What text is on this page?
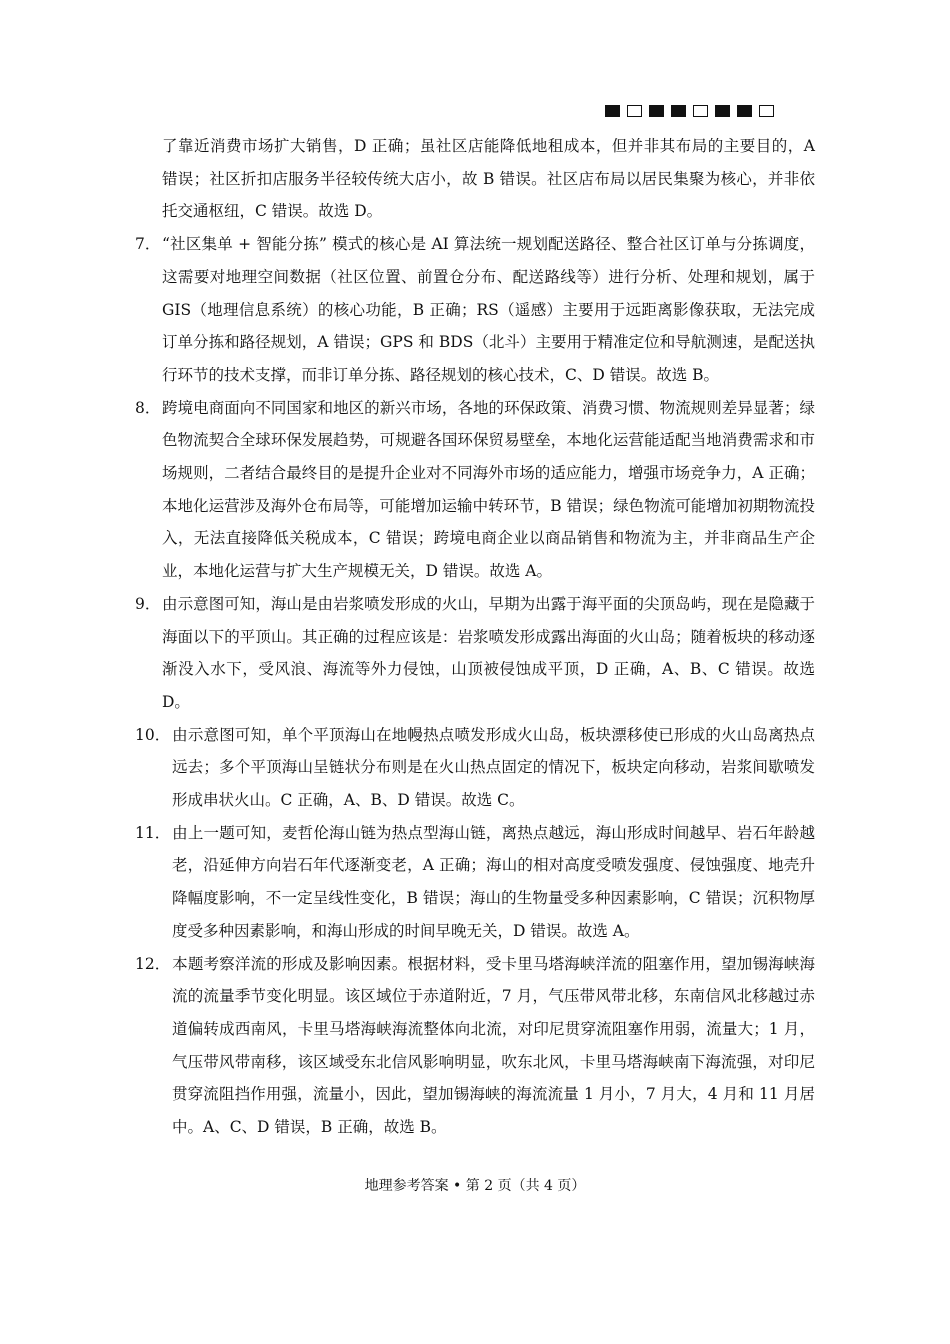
了靠近消费市场扩大销售，D 正确；虽社区店能降低地租成本，但并非其布局的主要目的，A 错误；社区折扣店服务半径较传统大店小，故 B 错误。社区店布局以居民集聚为核心，并非依托交通枢纽，C 错误。故选 D。

7． “社区集单 + 智能分拣” 模式的核心是 AI 算法统一规划配送路径、整合社区订单与分拣调度，这需要对地理空间数据（社区位置、前置仓分布、配送路线等）进行分析、处理和规划，属于 GIS（地理信息系统）的核心功能，B 正确；RS（遥感）主要用于远距离影像获取，无法完成订单分拣和路径规划，A 错误；GPS 和 BDS（北斗）主要用于精准定位和导航测速，是配送执行环节的技术支撑，而非订单分拣、路径规划的核心技术，C、D 错误。故选 B。

8． 跨境电商面向不同国家和地区的新兴市场，各地的环保政策、消费习惯、物流规则差异显著；绿色物流契合全球环保发展趋势，可规避各国环保贸易壁垒，本地化运营能适配当地消费需求和市场规则，二者结合最终目的是提升企业对不同海外市场的适应能力，增强市场竞争力，A 正确；本地化运营涉及海外仓布局等，可能增加运输中转环节，B 错误；绿色物流可能增加初期物流投入，无法直接降低关税成本，C 错误；跨境电商企业以商品销售和物流为主，并非商品生产企业，本地化运营与扩大生产规模无关，D 错误。故选 A。

9． 由示意图可知，海山是由岩浆喷发形成的火山，早期为出露于海平面的尖顶岛屿，现在是隐藏于海面以下的平顶山。其正确的过程应该是：岩浆喷发形成露出海面的火山岛；随着板块的移动逐渐没入水下，受风浪、海流等外力侵蚀，山顶被侵蚀成平顶，D 正确，A、B、C 错误。故选 D。

10． 由示意图可知，单个平顶海山在地幔热点喷发形成火山岛，板块漂移使已形成的火山岛离热点远去；多个平顶海山呈链状分布则是在火山热点固定的情况下，板块定向移动，岩浆间歇喷发形成串状火山。C 正确，A、B、D 错误。故选 C。

11． 由上一题可知，麦哲伦海山链为热点型海山链，离热点越远，海山形成时间越早、岩石年龄越老，沿延伸方向岩石年代逐渐变老，A 正确；海山的相对高度受喷发强度、侵蚀强度、地壳升降幅度影响，不一定呈线性变化，B 错误；海山的生物量受多种因素影响，C 错误；沉积物厚度受多种因素影响，和海山形成的时间早晚无关，D 错误。故选 A。

12． 本题考察洋流的形成及影响因素。根据材料，受卡里马塔海峡洋流的阻塞作用，望加锡海峡海流的流量季节变化明显。该区域位于赤道附近，7 月，气压带风带北移，东南信风北移越过赤道偏转成西南风，卡里马塔海峡海流整体向北流，对印尼贯穿流阻塞作用弱，流量大；1 月，气压带风带南移，该区域受东北信风影响明显，吹东北风，卡里马塔海峡南下海流强，对印尼贯穿流阻挡作用强，流量小，因此，望加锡海峡的海流流量 1 月小，7 月大，4 月和 11 月居中。A、C、D 错误，B 正确，故选 B。

地理参考答案 • 第 2 页（共 4 页）
